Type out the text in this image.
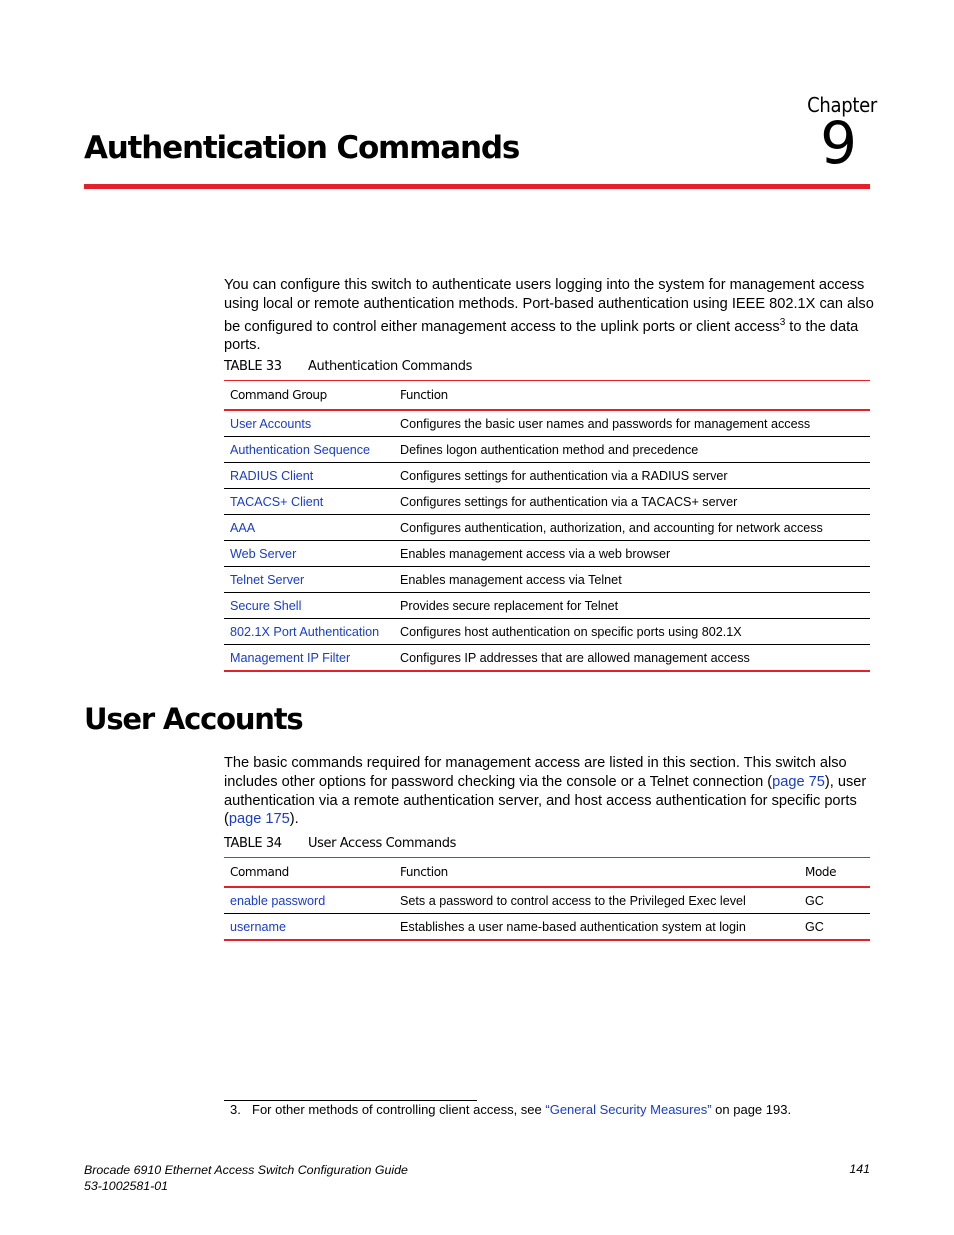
Chapter
9
Authentication Commands
You can configure this switch to authenticate users logging into the system for management access using local or remote authentication methods. Port-based authentication using IEEE 802.1X can also be configured to control either management access to the uplink ports or client access$^3$ to the data ports.
TABLE 33 Authentication Commands
Command Group	Function
User Accounts	Configures the basic user names and passwords for management access
Authentication Sequence	Defines logon authentication method and precedence
RADIUS Client	Configures settings for authentication via a RADIUS server
TACACS+ Client	Configures settings for authentication via a TACACS+ server
AAA	Configures authentication, authorization, and accounting for network access
Web Server	Enables management access via a web browser
Telnet Server	Enables management access via Telnet
Secure Shell	Provides secure replacement for Telnet
802.1X Port Authentication	Configures host authentication on specific ports using 802.1X
Management IP Filter	Configures IP addresses that are allowed management access
User Accounts
The basic commands required for management access are listed in this section. This switch also includes other options for password checking via the console or a Telnet connection (page 75), user authentication via a remote authentication server, and host access authentication for specific ports (page 175).
TABLE 34 User Access Commands
Command	Function	Mode
enable password	Sets a password to control access to the Privileged Exec level	GC
username	Establishes a user name-based authentication system at login	GC
3. For other methods of controlling client access, see “General Security Measures” on page 193.
Brocade 6910 Ethernet Access Switch Configuration Guide
53-1002581-01
141
